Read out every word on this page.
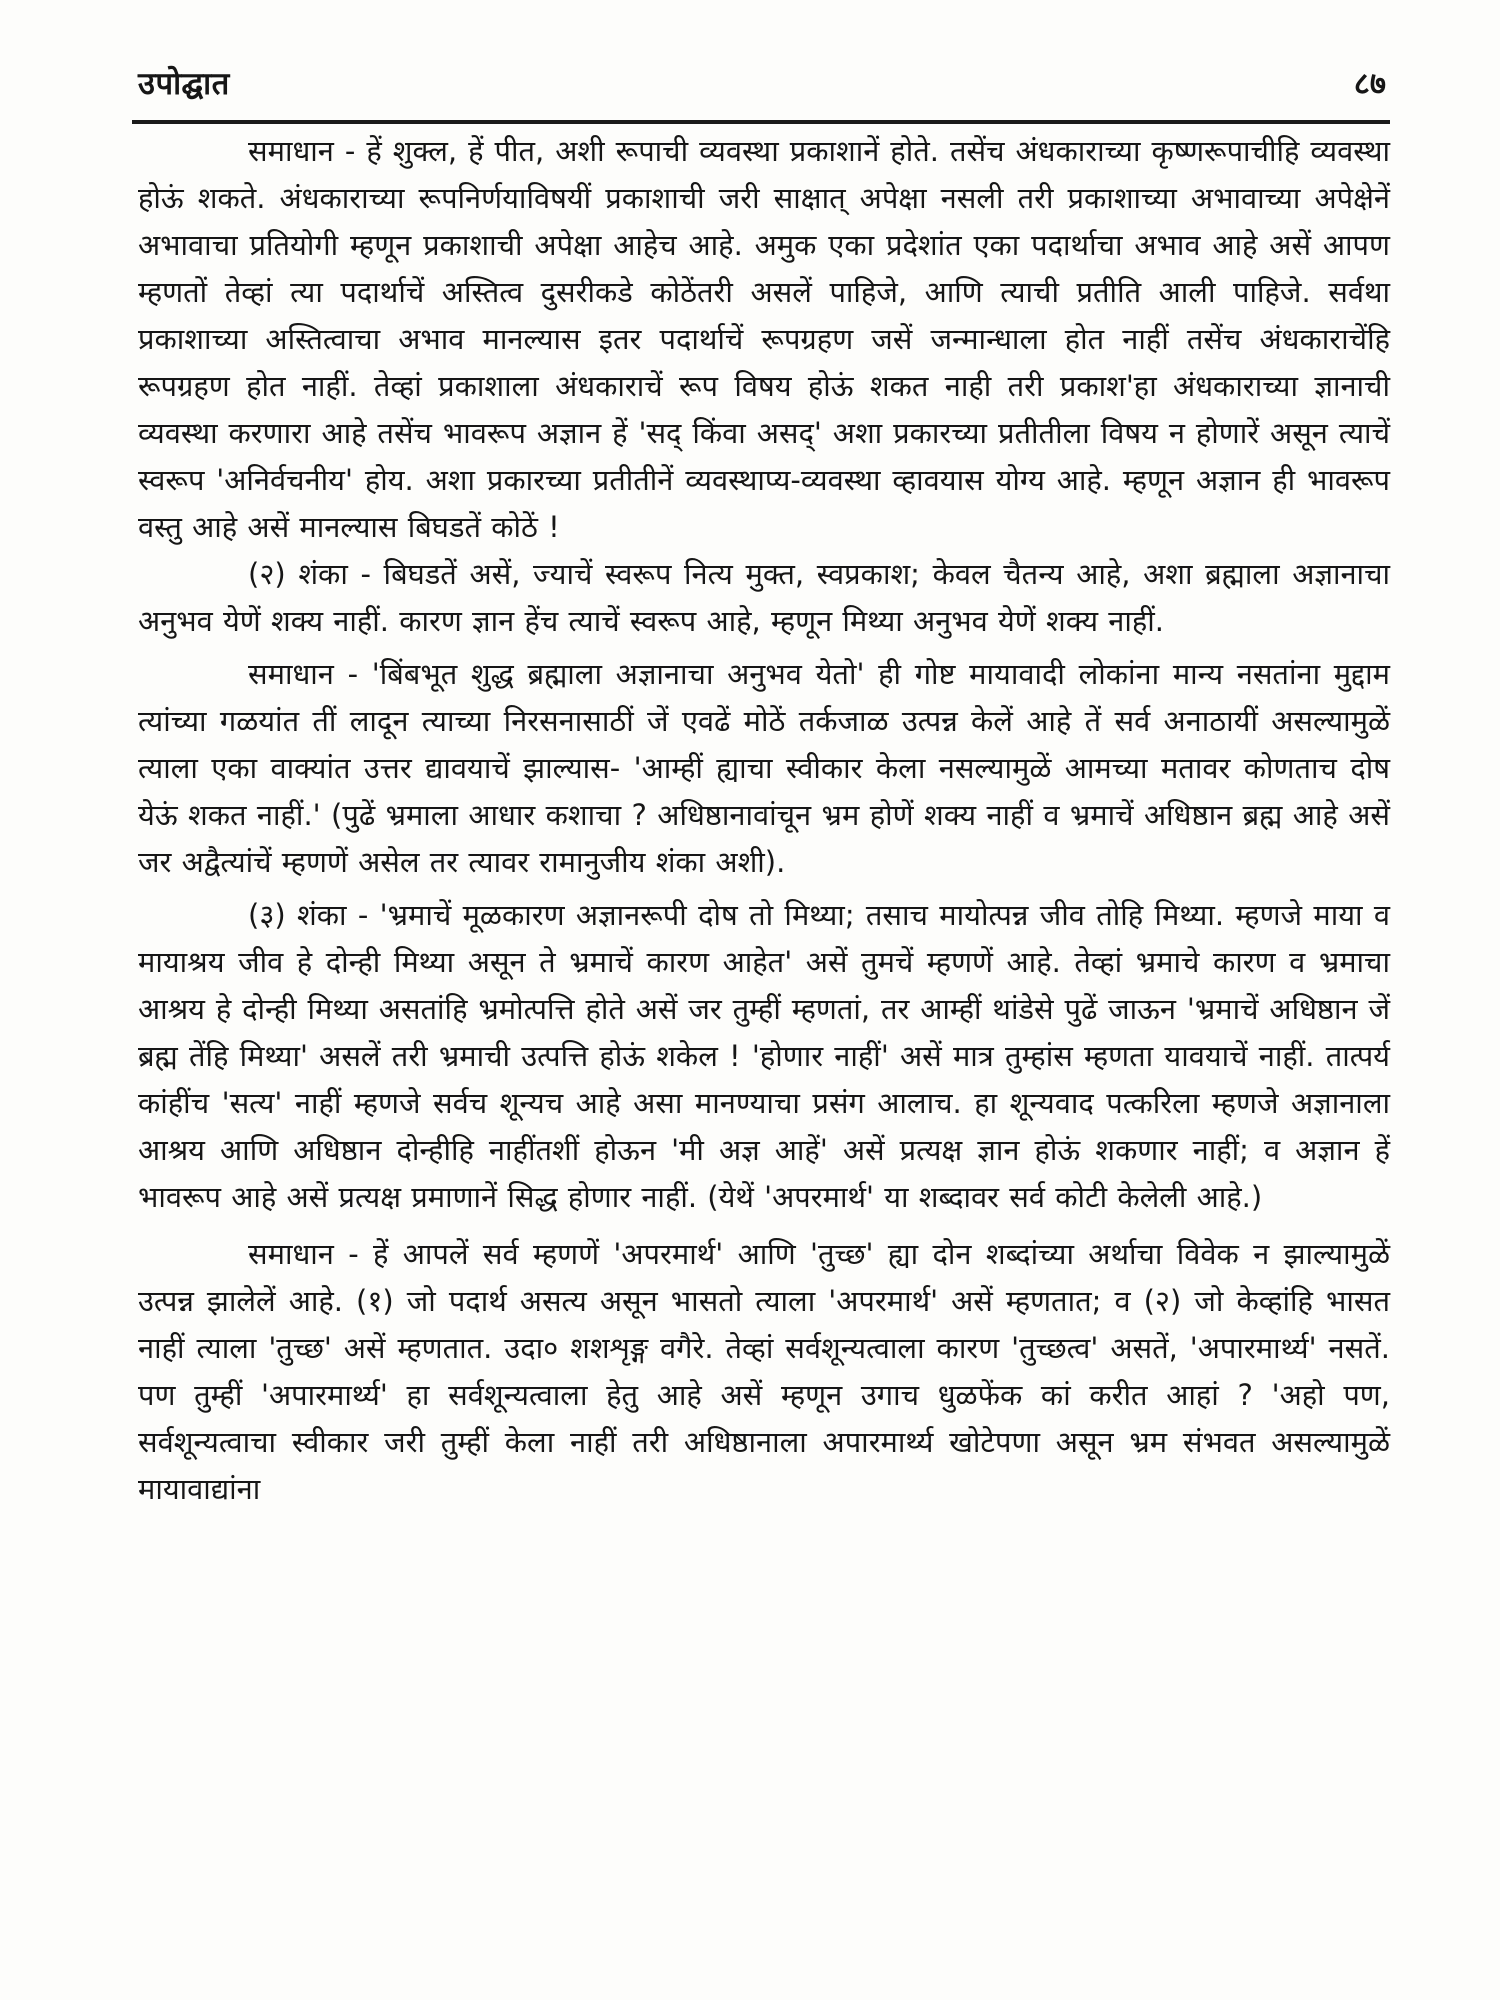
उपोद्घात	८७

समाधान - हें शुक्ल, हें पीत, अशी रूपाची व्यवस्था प्रकाशानें होते. तसेंच अंधकाराच्या कृष्णरूपाचीहि व्यवस्था होऊं शकते. अंधकाराच्या रूपनिर्णयाविषयीं प्रकाशाची जरी साक्षात् अपेक्षा नसली तरी प्रकाशाच्या अभावाच्या अपेक्षेनें अभावाचा प्रतियोगी म्हणून प्रकाशाची अपेक्षा आहेच आहे. अमुक एका प्रदेशांत एका पदार्थाचा अभाव आहे असें आपण म्हणतों तेव्हां त्या पदार्थाचें अस्तित्व दुसरीकडे कोठेंतरी असलें पाहिजे, आणि त्याची प्रतीति आली पाहिजे. सर्वथा प्रकाशाच्या अस्तित्वाचा अभाव मानल्यास इतर पदार्थाचें रूपग्रहण जसें जन्मान्धाला होत नाहीं तसेंच अंधकाराचेंहि रूपग्रहण होत नाहीं. तेव्हां प्रकाशाला अंधकाराचें रूप विषय होऊं शकत नाही तरी प्रकाश'हा अंधकाराच्या ज्ञानाची व्यवस्था करणारा आहे तसेंच भावरूप अज्ञान हें 'सद् किंवा असद्' अशा प्रकारच्या प्रतीतीला विषय न होणारें असून त्याचें स्वरूप 'अनिर्वचनीय' होय. अशा प्रकारच्या प्रतीतीनें व्यवस्थाप्य-व्यवस्था व्हावयास योग्य आहे. म्हणून अज्ञान ही भावरूप वस्तु आहे असें मानल्यास बिघडतें कोठें !

(२) शंका - बिघडतें असें, ज्याचें स्वरूप नित्य मुक्त, स्वप्रकाश; केवल चैतन्य आहे, अशा ब्रह्माला अज्ञानाचा अनुभव येणें शक्य नाहीं. कारण ज्ञान हेंच त्याचें स्वरूप आहे, म्हणून मिथ्या अनुभव येणें शक्य नाहीं.

समाधान - 'बिंबभूत शुद्ध ब्रह्माला अज्ञानाचा अनुभव येतो' ही गोष्ट मायावादी लोकांना मान्य नसतांना मुद्दाम त्यांच्या गळयांत तीं लादून त्याच्या निरसनासाठीं जें एवढें मोठें तर्कजाळ उत्पन्न केलें आहे तें सर्व अनाठायीं असल्यामुळें त्याला एका वाक्यांत उत्तर द्यावयाचें झाल्यास- 'आम्हीं ह्याचा स्वीकार केला नसल्यामुळें आमच्या मतावर कोणताच दोष येऊं शकत नाहीं.' (पुढें भ्रमाला आधार कशाचा ? अधिष्ठानावांचून भ्रम होणें शक्य नाहीं व भ्रमाचें अधिष्ठान ब्रह्म आहे असें जर अद्वैत्यांचें म्हणणें असेल तर त्यावर रामानुजीय शंका अशी).

(३) शंका - 'भ्रमाचें मूळकारण अज्ञानरूपी दोष तो मिथ्या; तसाच मायोत्पन्न जीव तोहि मिथ्या. म्हणजे माया व मायाश्रय जीव हे दोन्ही मिथ्या असून ते भ्रमाचें कारण आहेत' असें तुमचें म्हणणें आहे. तेव्हां भ्रमाचे कारण व भ्रमाचा आश्रय हे दोन्ही मिथ्या असतांहि भ्रमोत्पत्ति होते असें जर तुम्हीं म्हणतां, तर आम्हीं थांडेसे पुढें जाऊन 'भ्रमाचें अधिष्ठान जें ब्रह्म तेंहि मिथ्या' असलें तरी भ्रमाची उत्पत्ति होऊं शकेल ! 'होणार नाहीं' असें मात्र तुम्हांस म्हणता यावयाचें नाहीं. तात्पर्य कांहींच 'सत्य' नाहीं म्हणजे सर्वच शून्यच आहे असा मानण्याचा प्रसंग आलाच. हा शून्यवाद पत्करिला म्हणजे अज्ञानाला आश्रय आणि अधिष्ठान दोन्हीहि नाहींतशीं होऊन 'मी अज्ञ आहें' असें प्रत्यक्ष ज्ञान होऊं शकणार नाहीं; व अज्ञान हें भावरूप आहे असें प्रत्यक्ष प्रमाणानें सिद्ध होणार नाहीं. (येथें 'अपरमार्थ' या शब्दावर सर्व कोटी केलेली आहे.)

समाधान - हें आपलें सर्व म्हणणें 'अपरमार्थ' आणि 'तुच्छ' ह्या दोन शब्दांच्या अर्थाचा विवेक न झाल्यामुळें उत्पन्न झालेलें आहे. (१) जो पदार्थ असत्य असून भासतो त्याला 'अपरमार्थ' असें म्हणतात; व (२) जो केव्हांहि भासत नाहीं त्याला 'तुच्छ' असें म्हणतात. उदा० शशशृङ्ग वगैरे. तेव्हां सर्वशून्यत्वाला कारण 'तुच्छत्व' असतें, 'अपारमार्थ्य' नसतें. पण तुम्हीं 'अपारमार्थ्य' हा सर्वशून्यत्वाला हेतु आहे असें म्हणून उगाच धुळफेंक कां करीत आहां ? 'अहो पण, सर्वशून्यत्वाचा स्वीकार जरी तुम्हीं केला नाहीं तरी अधिष्ठानाला अपारमार्थ्य खोटेपणा असून भ्रम संभवत असल्यामुळें मायावाद्यांना
